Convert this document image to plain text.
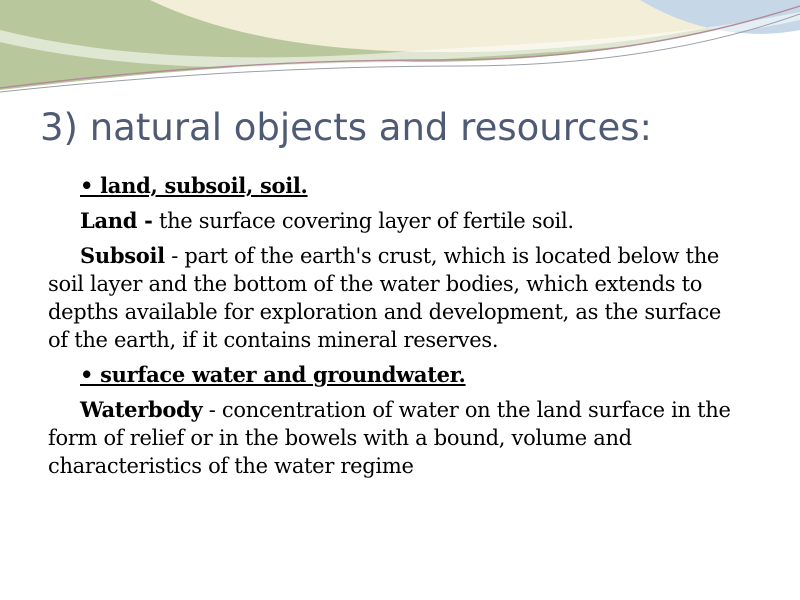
3) natural objects and resources:

• land, subsoil, soil.

Land - the surface covering layer of fertile soil.

Subsoil - part of the earth's crust, which is located below the soil layer and the bottom of the water bodies, which extends to depths available for exploration and development, as the surface of the earth, if it contains mineral reserves.

• surface water and groundwater.

Waterbody - concentration of water on the land surface in the form of relief or in the bowels with a bound, volume and characteristics of the water regime
